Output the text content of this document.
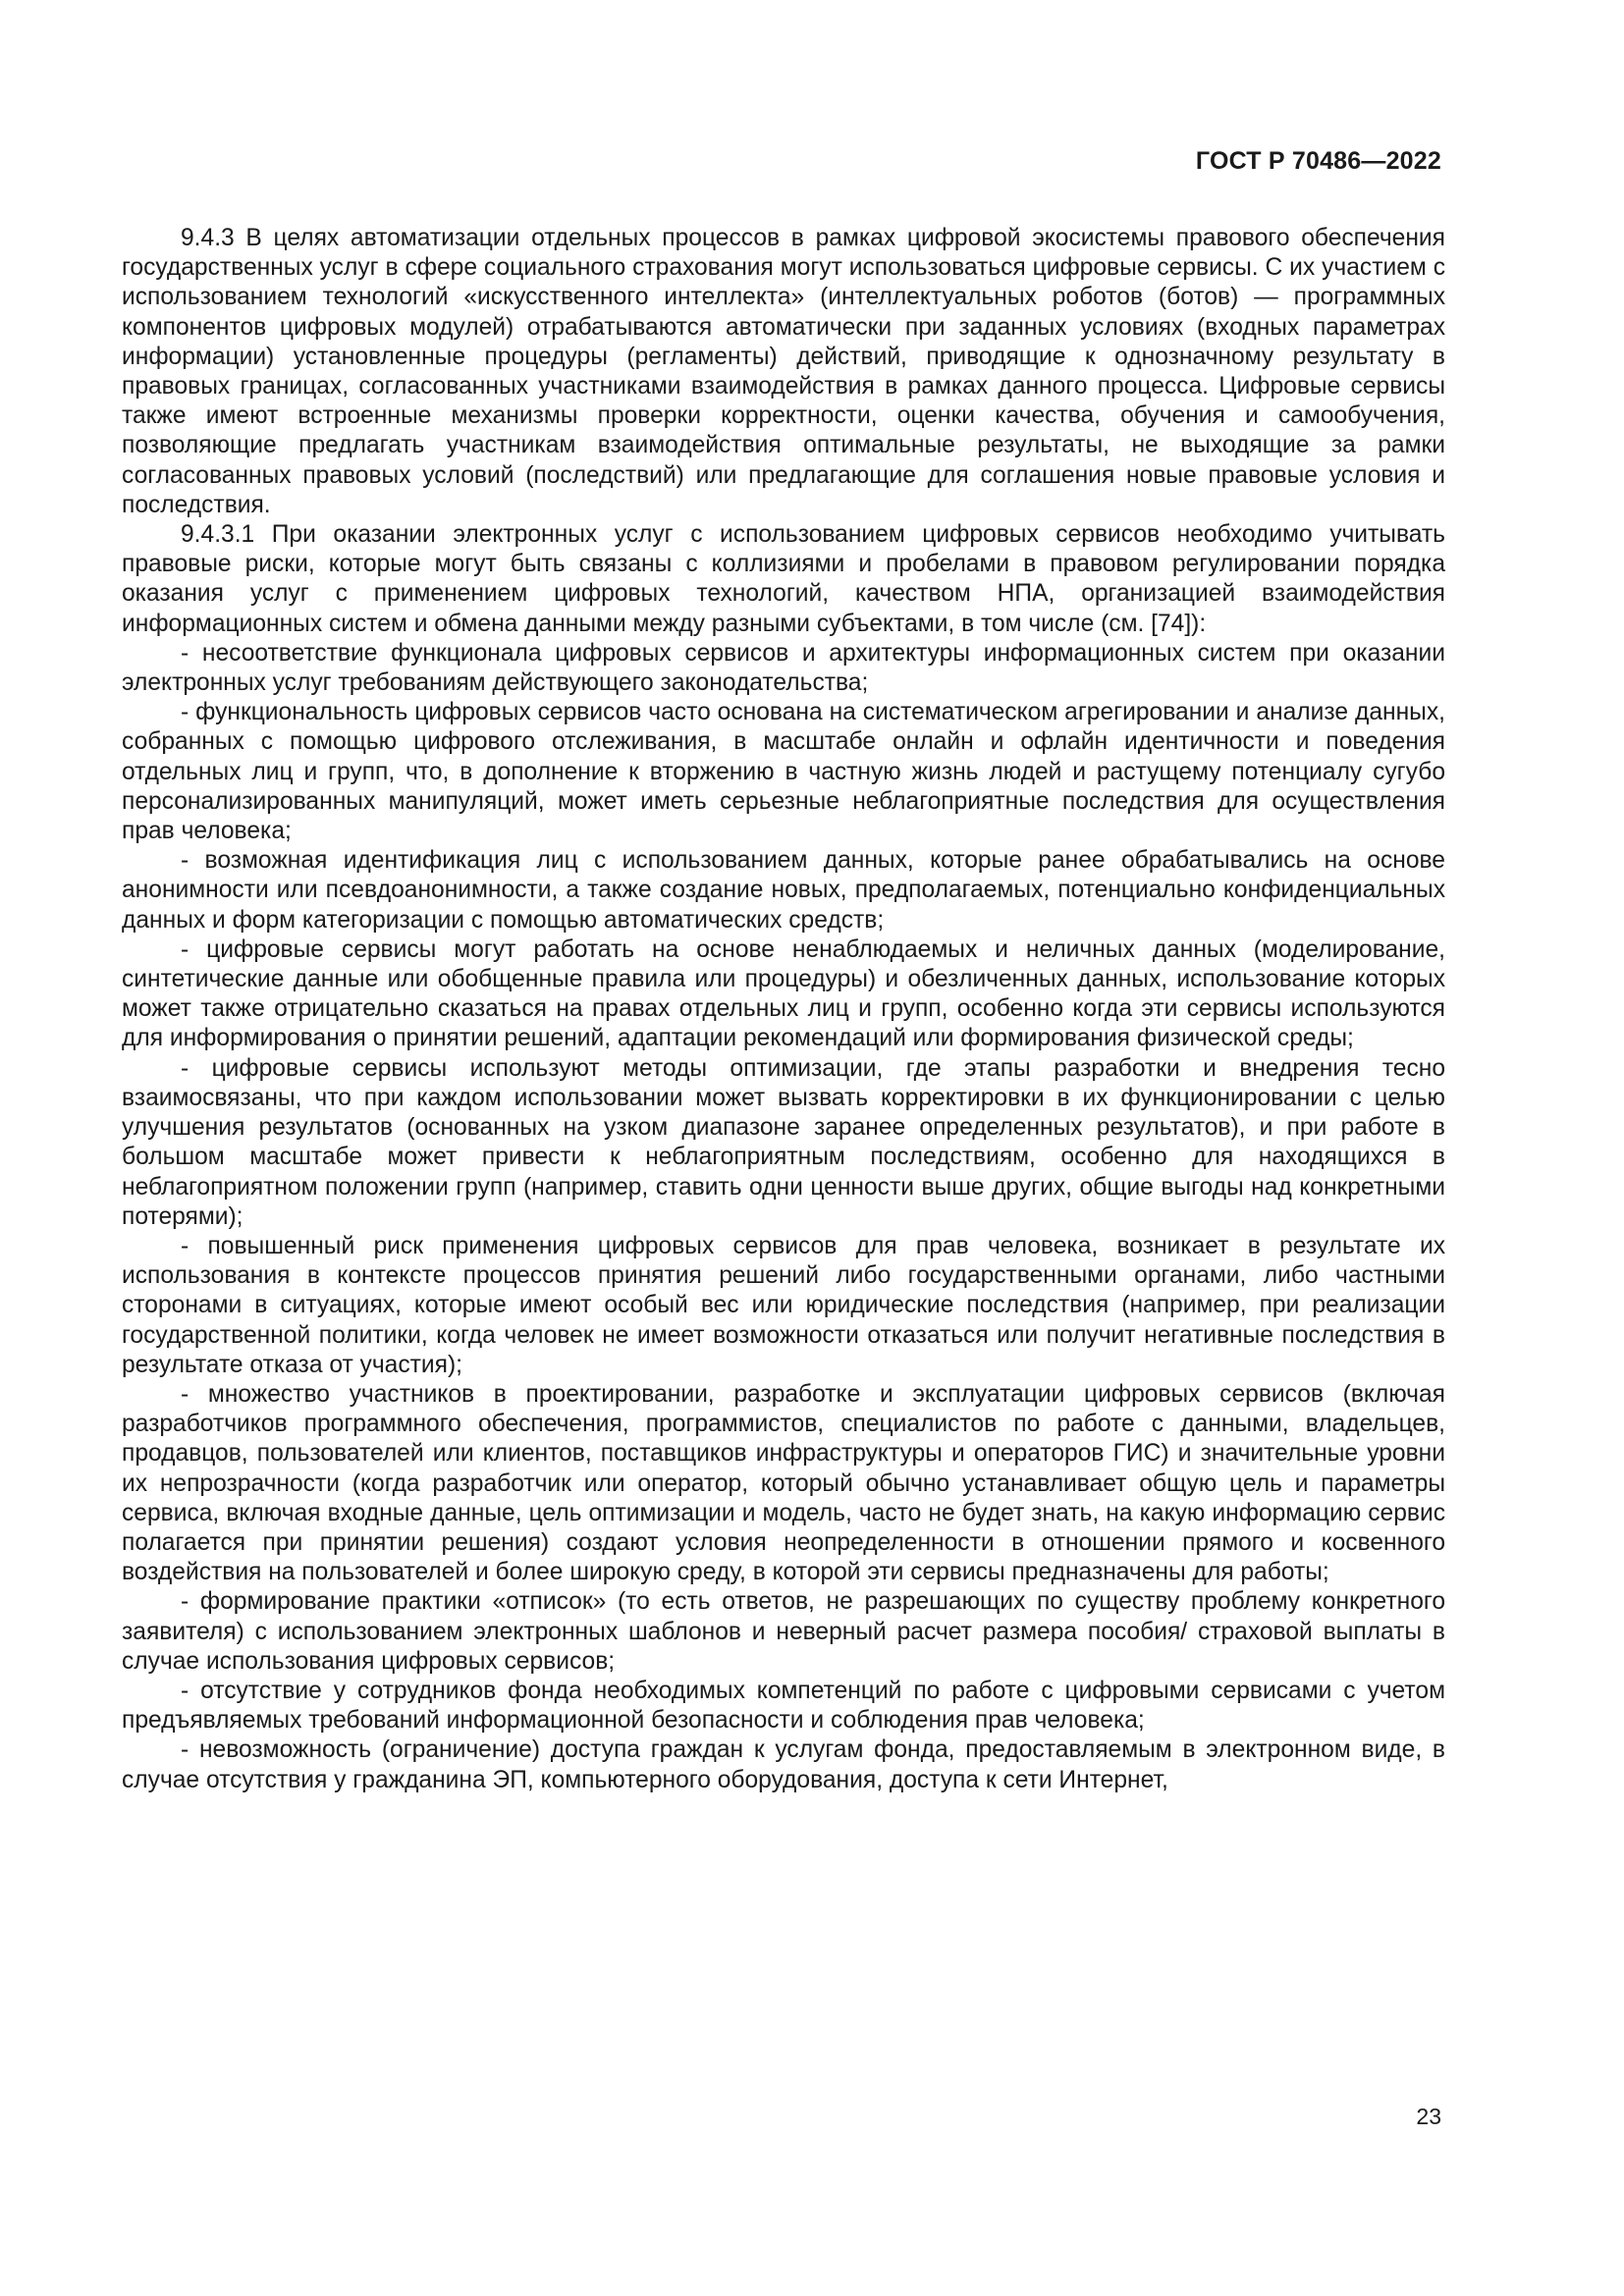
ГОСТ Р 70486—2022

9.4.3 В целях автоматизации отдельных процессов в рамках цифровой экосистемы правового обеспечения государственных услуг в сфере социального страхования могут использоваться цифровые сервисы. С их участием с использованием технологий «искусственного интеллекта» (интеллектуальных роботов (ботов) — программных компонентов цифровых модулей) отрабатываются автоматически при заданных условиях (входных параметрах информации) установленные процедуры (регламенты) действий, приводящие к однозначному результату в правовых границах, согласованных участниками взаимодействия в рамках данного процесса. Цифровые сервисы также имеют встроенные механизмы проверки корректности, оценки качества, обучения и самообучения, позволяющие предлагать участникам взаимодействия оптимальные результаты, не выходящие за рамки согласованных правовых условий (последствий) или предлагающие для соглашения новые правовые условия и последствия.

9.4.3.1 При оказании электронных услуг с использованием цифровых сервисов необходимо учитывать правовые риски, которые могут быть связаны с коллизиями и пробелами в правовом регулировании порядка оказания услуг с применением цифровых технологий, качеством НПА, организацией взаимодействия информационных систем и обмена данными между разными субъектами, в том числе (см. [74]):

- несоответствие функционала цифровых сервисов и архитектуры информационных систем при оказании электронных услуг требованиям действующего законодательства;

- функциональность цифровых сервисов часто основана на систематическом агрегировании и анализе данных, собранных с помощью цифрового отслеживания, в масштабе онлайн и офлайн идентичности и поведения отдельных лиц и групп, что, в дополнение к вторжению в частную жизнь людей и растущему потенциалу сугубо персонализированных манипуляций, может иметь серьезные неблагоприятные последствия для осуществления прав человека;

- возможная идентификация лиц с использованием данных, которые ранее обрабатывались на основе анонимности или псевдоанонимности, а также создание новых, предполагаемых, потенциально конфиденциальных данных и форм категоризации с помощью автоматических средств;

- цифровые сервисы могут работать на основе ненаблюдаемых и неличных данных (моделирование, синтетические данные или обобщенные правила или процедуры) и обезличенных данных, использование которых может также отрицательно сказаться на правах отдельных лиц и групп, особенно когда эти сервисы используются для информирования о принятии решений, адаптации рекомендаций или формирования физической среды;

- цифровые сервисы используют методы оптимизации, где этапы разработки и внедрения тесно взаимосвязаны, что при каждом использовании может вызвать корректировки в их функционировании с целью улучшения результатов (основанных на узком диапазоне заранее определенных результатов), и при работе в большом масштабе может привести к неблагоприятным последствиям, особенно для находящихся в неблагоприятном положении групп (например, ставить одни ценности выше других, общие выгоды над конкретными потерями);

- повышенный риск применения цифровых сервисов для прав человека, возникает в результате их использования в контексте процессов принятия решений либо государственными органами, либо частными сторонами в ситуациях, которые имеют особый вес или юридические последствия (например, при реализации государственной политики, когда человек не имеет возможности отказаться или получит негативные последствия в результате отказа от участия);

- множество участников в проектировании, разработке и эксплуатации цифровых сервисов (включая разработчиков программного обеспечения, программистов, специалистов по работе с данными, владельцев, продавцов, пользователей или клиентов, поставщиков инфраструктуры и операторов ГИС) и значительные уровни их непрозрачности (когда разработчик или оператор, который обычно устанавливает общую цель и параметры сервиса, включая входные данные, цель оптимизации и модель, часто не будет знать, на какую информацию сервис полагается при принятии решения) создают условия неопределенности в отношении прямого и косвенного воздействия на пользователей и более широкую среду, в которой эти сервисы предназначены для работы;

- формирование практики «отписок» (то есть ответов, не разрешающих по существу проблему конкретного заявителя) с использованием электронных шаблонов и неверный расчет размера пособия/ страховой выплаты в случае использования цифровых сервисов;

- отсутствие у сотрудников фонда необходимых компетенций по работе с цифровыми сервисами с учетом предъявляемых требований информационной безопасности и соблюдения прав человека;

- невозможность (ограничение) доступа граждан к услугам фонда, предоставляемым в электронном виде, в случае отсутствия у гражданина ЭП, компьютерного оборудования, доступа к сети Интернет,

23
